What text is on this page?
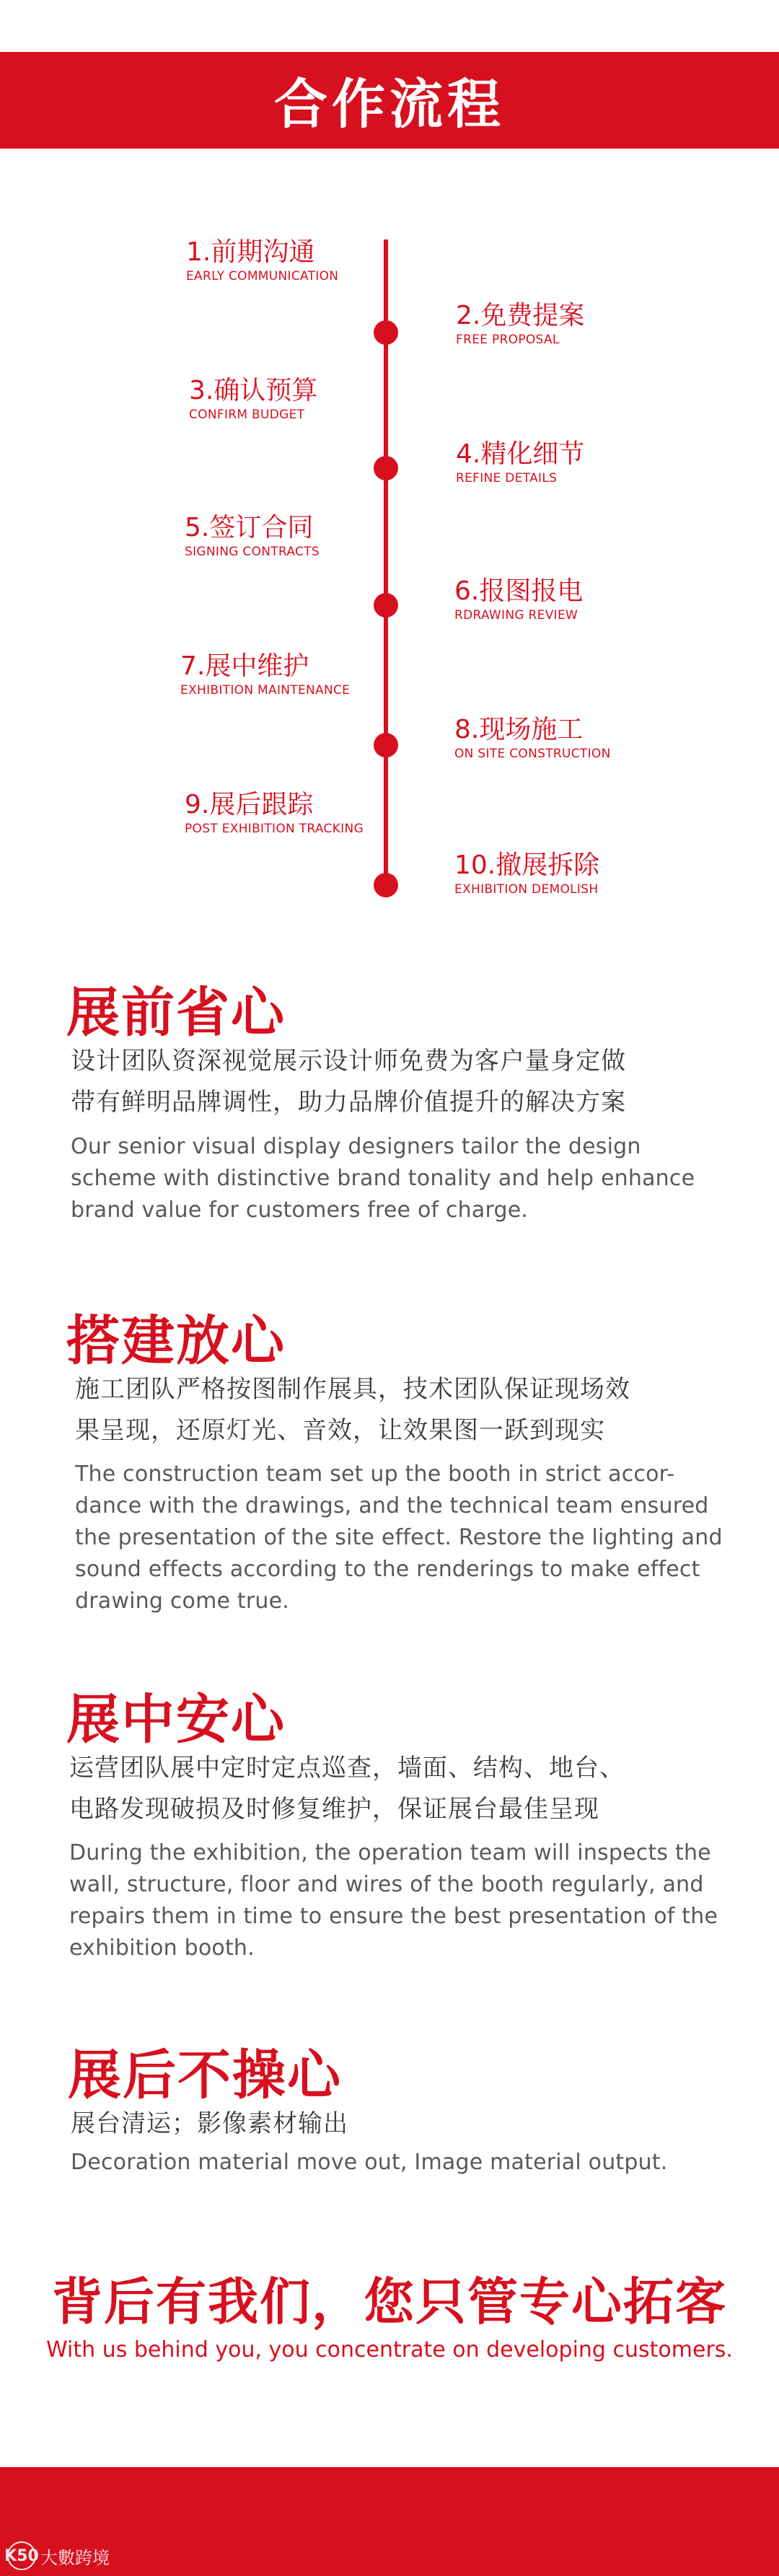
合作流程
1.前期沟通
EARLY COMMUNICATION
3.确认预算
CONFIRM BUDGET
5.签订合同
SIGNING CONTRACTS
7.展中维护
EXHIBITION MAINTENANCE
9.展后跟踪
POST EXHIBITION TRACKING
2.免费提案
FREE PROPOSAL
4.精化细节
REFINE DETAILS
6.报图报电
RDRAWING REVIEW
8.现场施工
ON SITE CONSTRUCTION
10.撤展拆除
EXHIBITION DEMOLISH
展前省心
设计团队资深视觉展示设计师免费为客户量身定做
带有鲜明品牌调性，助力品牌价值提升的解决方案
Our senior visual display designers tailor the design scheme with distinctive brand tonality and help enhance brand value for customers free of charge.
搭建放心
施工团队严格按图制作展具，技术团队保证现场效
果呈现，还原灯光、音效，让效果图一跃到现实
The construction team set up the booth in strict accor-dance with the drawings, and the technical team ensured the presentation of the site effect. Restore the lighting and sound effects according to the renderings to make effect drawing come true.
展中安心
运营团队展中定时定点巡查，墙面、结构、地台、
电路发现破损及时修复维护，保证展台最佳呈现
During the exhibition, the operation team will inspects the wall, structure, floor and wires of the booth regularly, and repairs them in time to ensure the best presentation of the exhibition booth.
展后不操心
展台清运；影像素材输出
Decoration material move out, Image material output.
背后有我们，您只管专心拓客
With us behind you, you concentrate on developing customers.
K50 大數跨境
